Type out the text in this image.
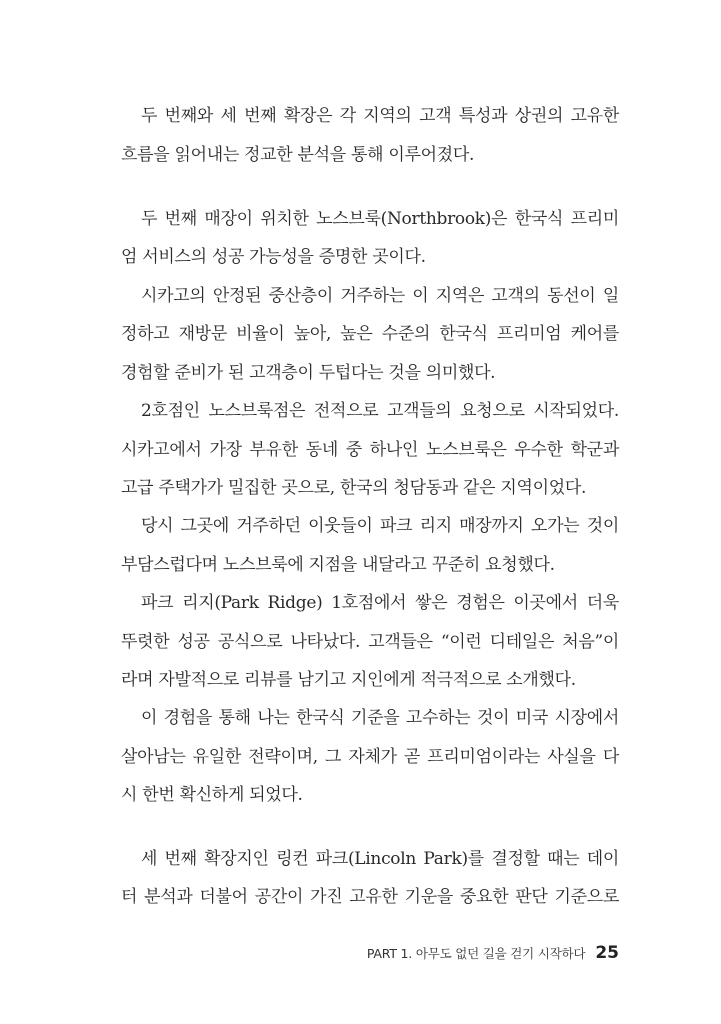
두 번째와 세 번째 확장은 각 지역의 고객 특성과 상권의 고유한
흐름을 읽어내는 정교한 분석을 통해 이루어졌다.
두 번째 매장이 위치한 노스브룩(Northbrook)은 한국식 프리미
엄 서비스의 성공 가능성을 증명한 곳이다.
시카고의 안정된 중산층이 거주하는 이 지역은 고객의 동선이 일
정하고 재방문 비율이 높아, 높은 수준의 한국식 프리미엄 케어를
경험할 준비가 된 고객층이 두텁다는 것을 의미했다.
2호점인 노스브룩점은 전적으로 고객들의 요청으로 시작되었다.
시카고에서 가장 부유한 동네 중 하나인 노스브룩은 우수한 학군과
고급 주택가가 밀집한 곳으로, 한국의 청담동과 같은 지역이었다.
당시 그곳에 거주하던 이웃들이 파크 리지 매장까지 오가는 것이
부담스럽다며 노스브룩에 지점을 내달라고 꾸준히 요청했다.
파크 리지(Park Ridge) 1호점에서 쌓은 경험은 이곳에서 더욱
뚜렷한 성공 공식으로 나타났다. 고객들은 “이런 디테일은 처음”이
라며 자발적으로 리뷰를 남기고 지인에게 적극적으로 소개했다.
이 경험을 통해 나는 한국식 기준을 고수하는 것이 미국 시장에서
살아남는 유일한 전략이며, 그 자체가 곧 프리미엄이라는 사실을 다
시 한번 확신하게 되었다.
세 번째 확장지인 링컨 파크(Lincoln Park)를 결정할 때는 데이
터 분석과 더불어 공간이 가진 고유한 기운을 중요한 판단 기준으로
PART 1. 아무도 없던 길을 걷기 시작하다 25
